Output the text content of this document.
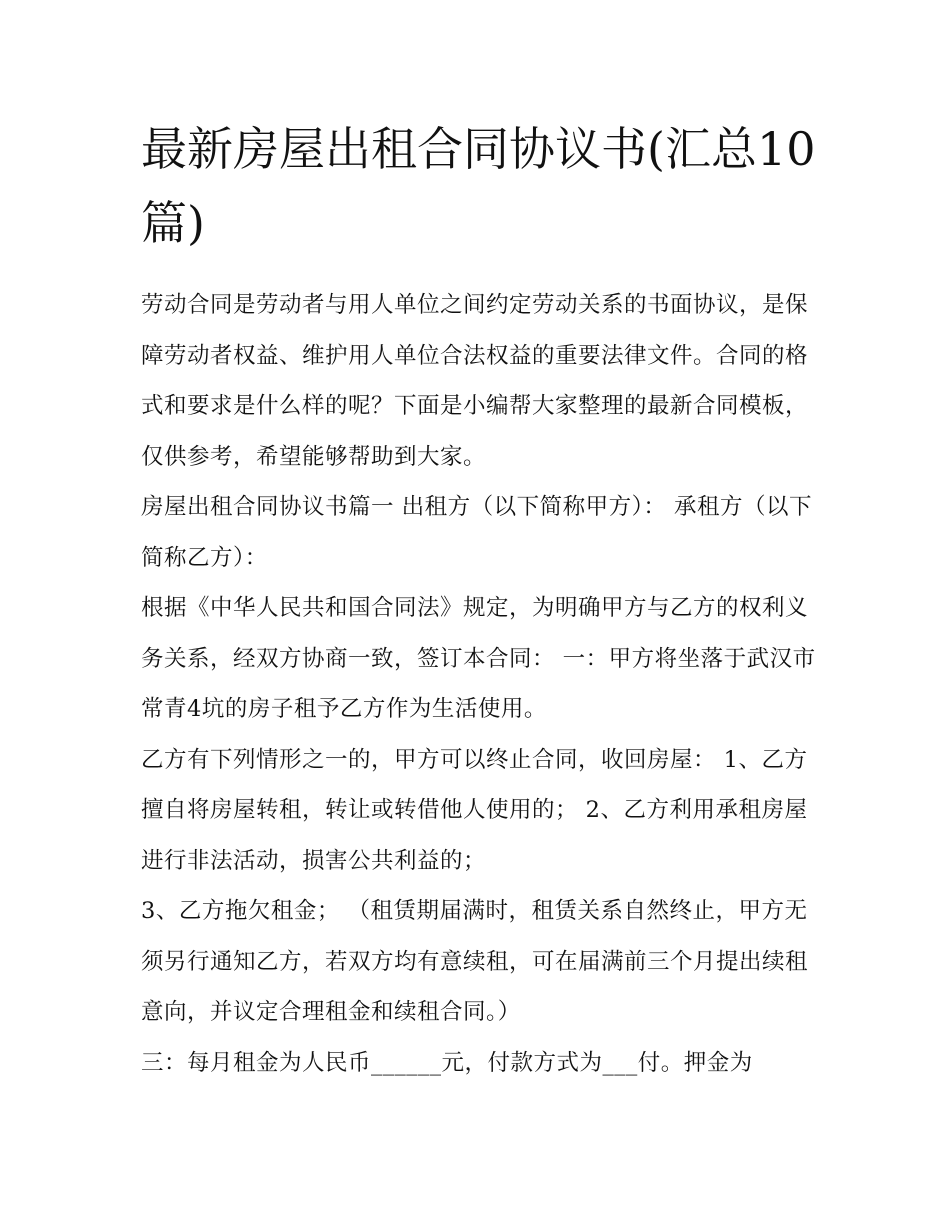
最新房屋出租合同协议书(汇总10篇)

劳动合同是劳动者与用人单位之间约定劳动关系的书面协议，是保障劳动者权益、维护用人单位合法权益的重要法律文件。合同的格式和要求是什么样的呢？下面是小编帮大家整理的最新合同模板，仅供参考，希望能够帮助到大家。

房屋出租合同协议书篇一 出租方（以下简称甲方）： 承租方（以下简称乙方）：

根据《中华人民共和国合同法》规定，为明确甲方与乙方的权利义务关系，经双方协商一致，签订本合同： 一：甲方将坐落于武汉市常青4坑的房子租予乙方作为生活使用。

乙方有下列情形之一的，甲方可以终止合同，收回房屋： 1、乙方擅自将房屋转租，转让或转借他人使用的； 2、乙方利用承租房屋进行非法活动，损害公共利益的；

3、乙方拖欠租金； （租赁期届满时，租赁关系自然终止，甲方无须另行通知乙方，若双方均有意续租，可在届满前三个月提出续租意向，并议定合理租金和续租合同。）

三：每月租金为人民币______元，付款方式为___付。押金为
